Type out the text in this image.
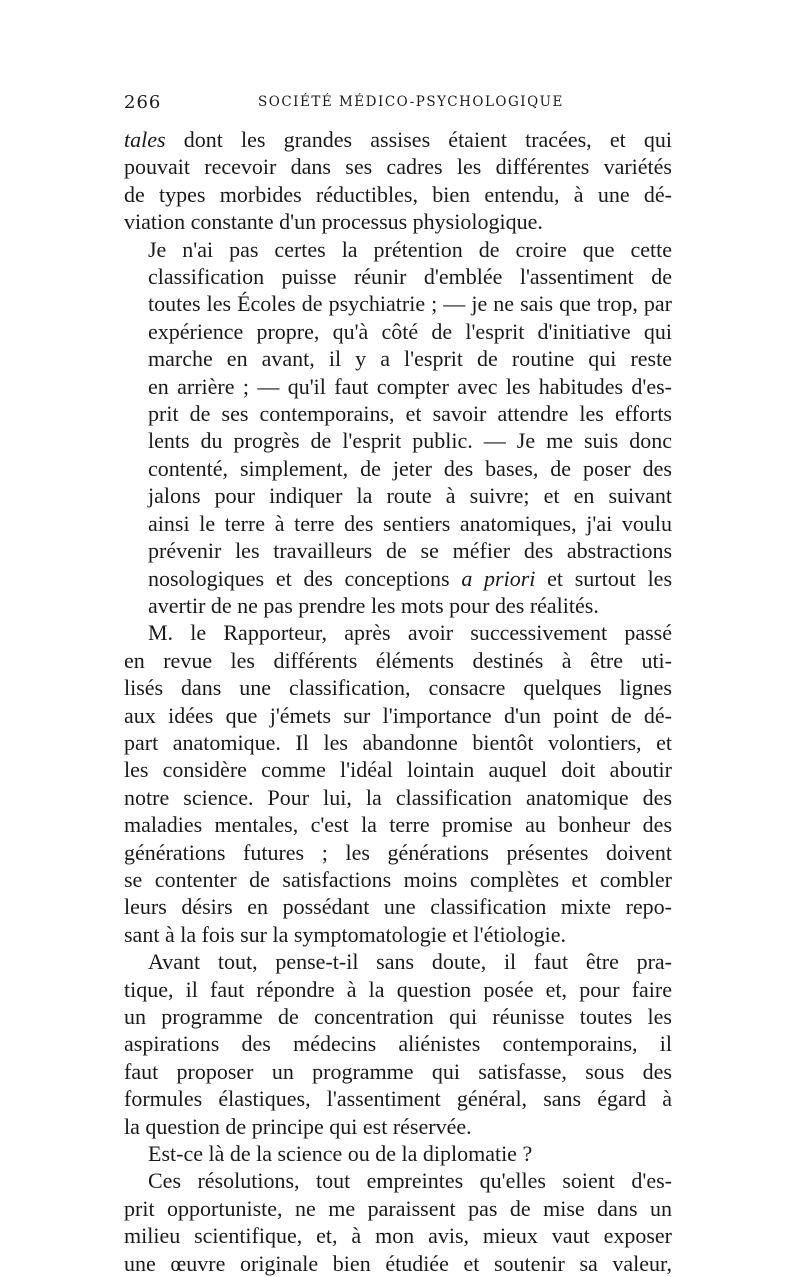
266	SOCIÉTÉ MÉDICO-PSYCHOLOGIQUE

tales dont les grandes assises étaient tracées, et qui
pouvait recevoir dans ses cadres les différentes variétés
de types morbides réductibles, bien entendu, à une dé-
viation constante d'un processus physiologique.

Je n'ai pas certes la prétention de croire que cette
classification puisse réunir d'emblée l'assentiment de
toutes les Écoles de psychiatrie ; — je ne sais que trop, par
expérience propre, qu'à côté de l'esprit d'initiative qui
marche en avant, il y a l'esprit de routine qui reste
en arrière ; — qu'il faut compter avec les habitudes d'es-
prit de ses contemporains, et savoir attendre les efforts
lents du progrès de l'esprit public. — Je me suis donc
contenté, simplement, de jeter des bases, de poser des
jalons pour indiquer la route à suivre; et en suivant
ainsi le terre à terre des sentiers anatomiques, j'ai voulu
prévenir les travailleurs de se méfier des abstractions
nosologiques et des conceptions a priori et surtout les
avertir de ne pas prendre les mots pour des réalités.

M. le Rapporteur, après avoir successivement passé
en revue les différents éléments destinés à être uti-
lisés dans une classification, consacre quelques lignes
aux idées que j'émets sur l'importance d'un point de dé-
part anatomique. Il les abandonne bientôt volontiers, et
les considère comme l'idéal lointain auquel doit aboutir
notre science. Pour lui, la classification anatomique des
maladies mentales, c'est la terre promise au bonheur des
générations futures ; les générations présentes doivent
se contenter de satisfactions moins complètes et combler
leurs désirs en possédant une classification mixte repo-
sant à la fois sur la symptomatologie et l'étiologie.

Avant tout, pense-t-il sans doute, il faut être pra-
tique, il faut répondre à la question posée et, pour faire
un programme de concentration qui réunisse toutes les
aspirations des médecins aliénistes contemporains, il
faut proposer un programme qui satisfasse, sous des
formules élastiques, l'assentiment général, sans égard à
la question de principe qui est réservée.

Est-ce là de la science ou de la diplomatie ?

Ces résolutions, tout empreintes qu'elles soient d'es-
prit opportuniste, ne me paraissent pas de mise dans un
milieu scientifique, et, à mon avis, mieux vaut exposer
une œuvre originale bien étudiée et soutenir sa valeur,
